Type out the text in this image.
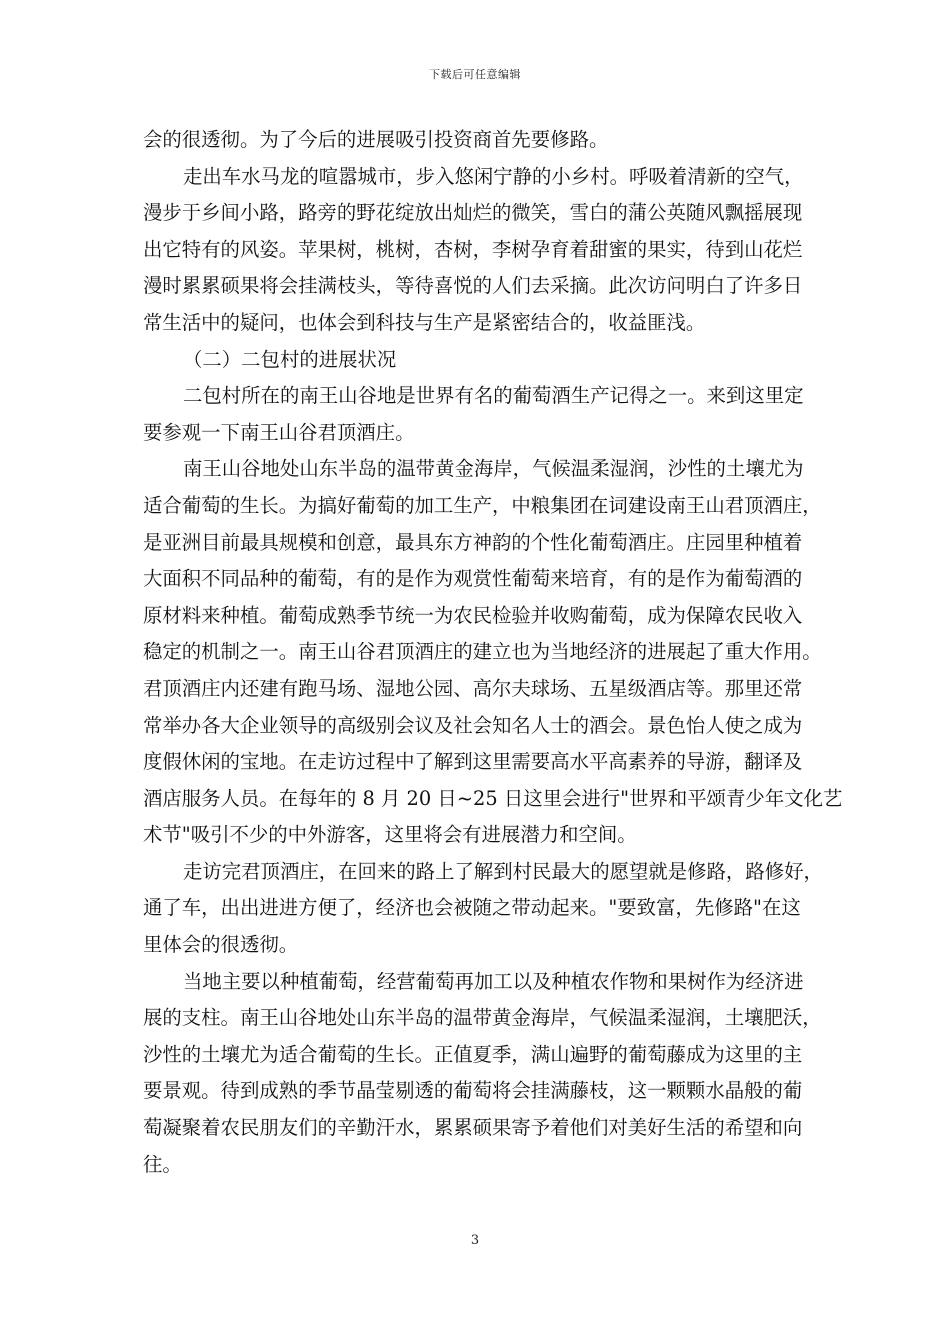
下载后可任意编辑
会的很透彻。为了今后的进展吸引投资商首先要修路。
走出车水马龙的喧嚣城市，步入悠闲宁静的小乡村。呼吸着清新的空气，
漫步于乡间小路，路旁的野花绽放出灿烂的微笑，雪白的蒲公英随风飘摇展现
出它特有的风姿。苹果树，桃树，杏树，李树孕育着甜蜜的果实，待到山花烂
漫时累累硕果将会挂满枝头，等待喜悦的人们去采摘。此次访问明白了许多日
常生活中的疑问，也体会到科技与生产是紧密结合的，收益匪浅。
（二）二包村的进展状况
二包村所在的南王山谷地是世界有名的葡萄酒生产记得之一。来到这里定
要参观一下南王山谷君顶酒庄。
南王山谷地处山东半岛的温带黄金海岸，气候温柔湿润，沙性的土壤尤为
适合葡萄的生长。为搞好葡萄的加工生产，中粮集团在词建设南王山君顶酒庄，
是亚洲目前最具规模和创意，最具东方神韵的个性化葡萄酒庄。庄园里种植着
大面积不同品种的葡萄，有的是作为观赏性葡萄来培育，有的是作为葡萄酒的
原材料来种植。葡萄成熟季节统一为农民检验并收购葡萄，成为保障农民收入
稳定的机制之一。南王山谷君顶酒庄的建立也为当地经济的进展起了重大作用。
君顶酒庄内还建有跑马场、湿地公园、高尔夫球场、五星级酒店等。那里还常
常举办各大企业领导的高级别会议及社会知名人士的酒会。景色怡人使之成为
度假休闲的宝地。在走访过程中了解到这里需要高水平高素养的导游，翻译及
酒店服务人员。在每年的 8 月 20 日~25 日这里会进行"世界和平颂青少年文化艺
术节"吸引不少的中外游客，这里将会有进展潜力和空间。
走访完君顶酒庄，在回来的路上了解到村民最大的愿望就是修路，路修好，
通了车，出出进进方便了，经济也会被随之带动起来。"要致富，先修路"在这
里体会的很透彻。
当地主要以种植葡萄，经营葡萄再加工以及种植农作物和果树作为经济进
展的支柱。南王山谷地处山东半岛的温带黄金海岸，气候温柔湿润，土壤肥沃，
沙性的土壤尤为适合葡萄的生长。正值夏季，满山遍野的葡萄藤成为这里的主
要景观。待到成熟的季节晶莹剔透的葡萄将会挂满藤枝，这一颗颗水晶般的葡
萄凝聚着农民朋友们的辛勤汗水，累累硕果寄予着他们对美好生活的希望和向
往。
3
